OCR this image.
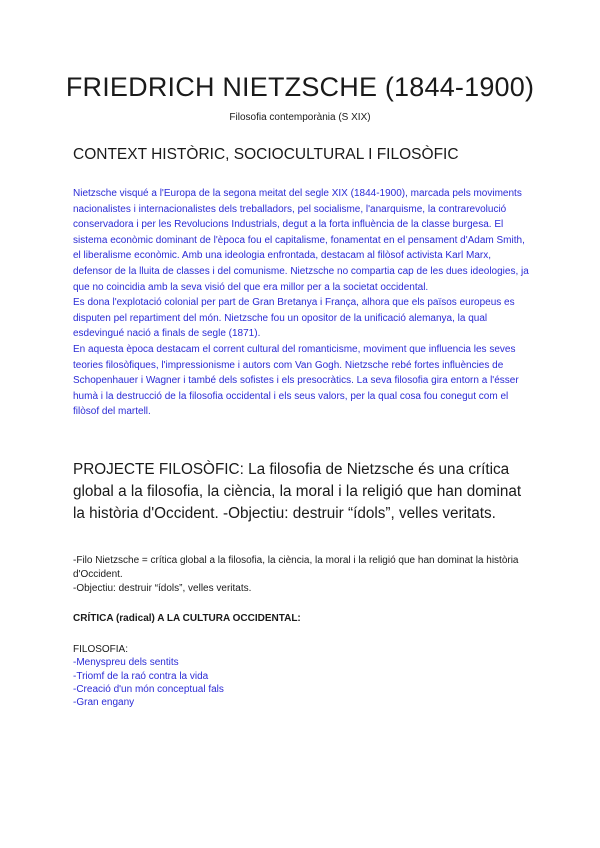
FRIEDRICH NIETZSCHE (1844-1900)
Filosofia contemporània (S XIX)
CONTEXT HISTÒRIC, SOCIOCULTURAL I FILOSÒFIC

Nietzsche visqué a l'Europa de la segona meitat del segle XIX (1844-1900), marcada pels moviments nacionalistes i internacionalistes dels treballadors, pel socialisme, l'anarquisme, la contrarevolució conservadora i per les Revolucions Industrials, degut a la forta influència de la classe burgesa. El sistema econòmic dominant de l'època fou el capitalisme, fonamentat en el pensament d'Adam Smith, el liberalisme econòmic. Amb una ideologia enfrontada, destacam al filòsof activista Karl Marx, defensor de la lluita de classes i del comunisme. Nietzsche no compartia cap de les dues ideologies, ja que no coincidia amb la seva visió del que era millor per a la societat occidental.

Es dona l'explotació colonial per part de Gran Bretanya i França, alhora que els països europeus es disputen pel repartiment del món. Nietzsche fou un opositor de la unificació alemanya, la qual esdevingué nació a finals de segle (1871).

En aquesta època destacam el corrent cultural del romanticisme, moviment que influencia les seves teories filosòfiques, l'impressionisme i autors com Van Gogh. Nietzsche rebé fortes influències de Schopenhauer i Wagner i també dels sofistes i els presocràtics. La seva filosofia gira entorn a l'ésser humà i la destrucció de la filosofia occidental i els seus valors, per la qual cosa fou conegut com el filòsof del martell.

PROJECTE FILOSÒFIC: La filosofia de Nietzsche és una crítica global a la filosofia, la ciència, la moral i la religió que han dominat la història d'Occident. -Objectiu: destruir “ídols”, velles veritats.

-Filo Nietzsche = crítica global a la filosofia, la ciència, la moral i la religió que han dominat la història d'Occident.

-Objectiu: destruir “ídols”, velles veritats.

CRÍTICA (radical) A LA CULTURA OCCIDENTAL:
FILOSOFIA:
-Menyspreu dels sentits
-Triomf de la raó contra la vida
-Creació d'un món conceptual fals
-Gran engany
